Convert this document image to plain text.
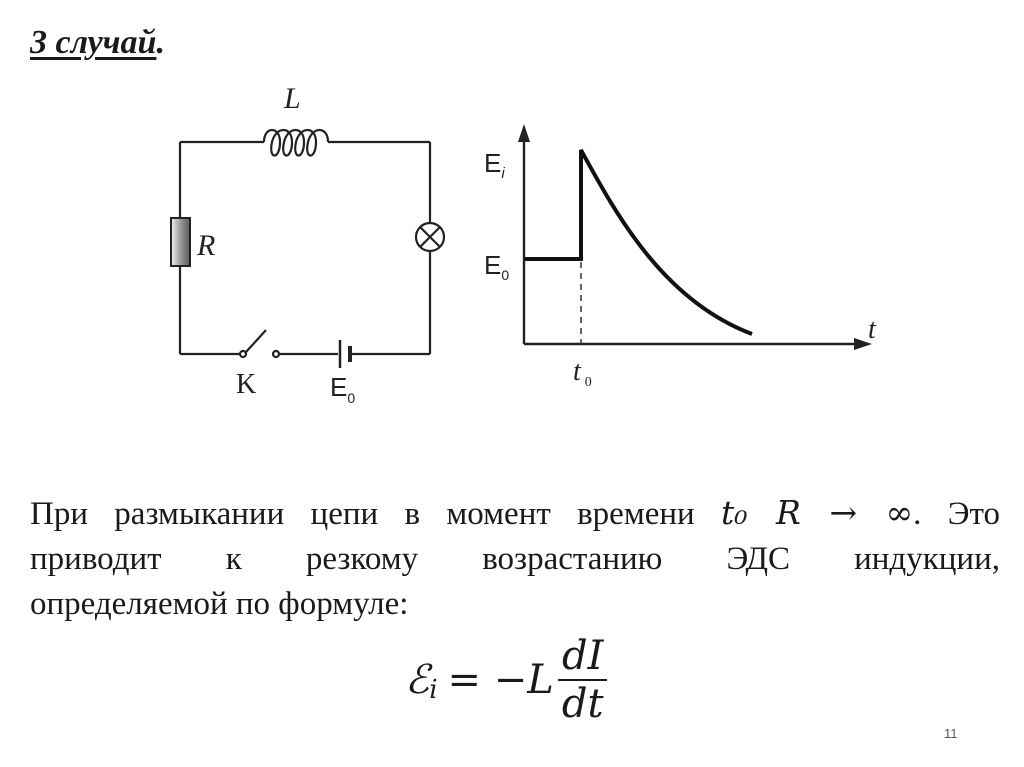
3 случай.
L
R
K	$E_0$
$E_i$
$E_0$
t
t $_0$
При размыкании цепи в момент времени t₀ R → ∞. Это
приводит к резкому возрастанию ЭДС индукции,
определяемой по формуле:
ℰ $i = -L \frac{dI}{dt}$
11
